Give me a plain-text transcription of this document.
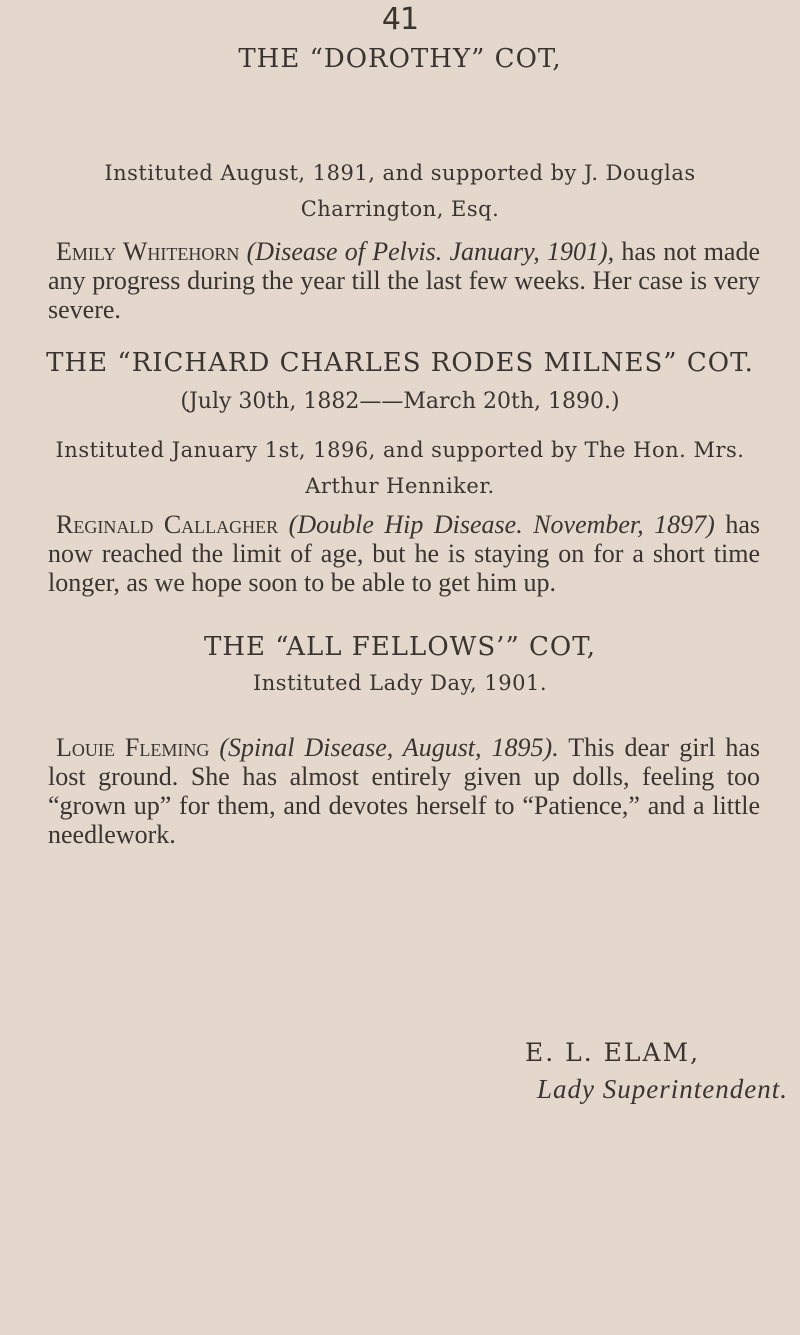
41
THE “DOROTHY” COT,
Instituted August, 1891, and supported by J. Douglas Charrington, Esq.
Emily Whitehorn (Disease of Pelvis. January, 1901), has not made any progress during the year till the last few weeks. Her case is very severe.
THE “RICHARD CHARLES RODES MILNES” COT.
(July 30th, 1882——March 20th, 1890.)
Instituted January 1st, 1896, and supported by The Hon. Mrs. Arthur Henniker.
Reginald Callagher (Double Hip Disease. November, 1897) has now reached the limit of age, but he is staying on for a short time longer, as we hope soon to be able to get him up.
THE “ALL FELLOWS’” COT,
Instituted Lady Day, 1901.
Louie Fleming (Spinal Disease, August, 1895). This dear girl has lost ground. She has almost entirely given up dolls, feeling too “grown up” for them, and devotes herself to “Patience,” and a little needlework.
E. L. ELAM,
Lady Superintendent.
